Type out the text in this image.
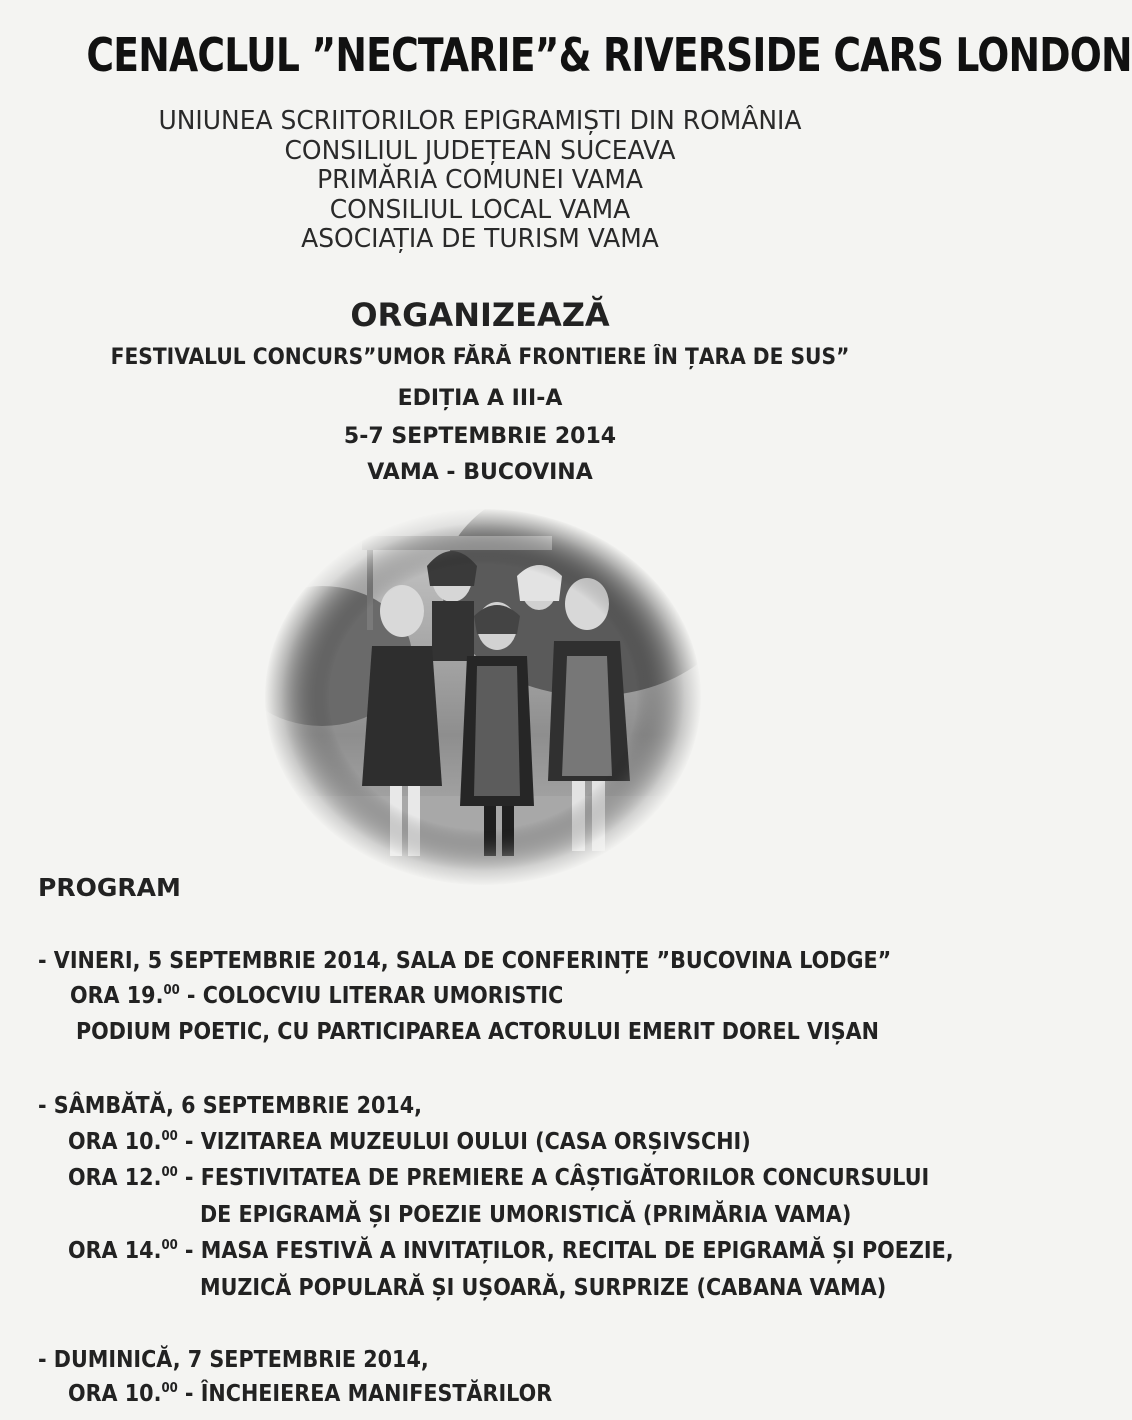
CENACLUL ”NECTARIE”& RIVERSIDE CARS LONDON
UNIUNEA SCRIITORILOR EPIGRAMIȘTI DIN ROMÂNIA
CONSILIUL JUDEȚEAN SUCEAVA
PRIMĂRIA COMUNEI VAMA
CONSILIUL LOCAL VAMA
ASOCIAȚIA DE TURISM VAMA
ORGANIZEAZĂ
FESTIVALUL CONCURS”UMOR FĂRĂ FRONTIERE ÎN ȚARA DE SUS”
EDIȚIA A III-A
5-7 SEPTEMBRIE 2014
VAMA - BUCOVINA
PROGRAM
- VINERI, 5 SEPTEMBRIE 2014, SALA DE CONFERINȚE ”BUCOVINA LODGE”
ORA 19.00 - COLOCVIU LITERAR UMORISTIC
PODIUM POETIC, CU PARTICIPAREA ACTORULUI EMERIT DOREL VIȘAN
- SÂMBĂTĂ, 6 SEPTEMBRIE 2014,
ORA 10.00 - VIZITAREA MUZEULUI OULUI (CASA ORȘIVSCHI)
ORA 12.00 - FESTIVITATEA DE PREMIERE A CÂȘTIGĂTORILOR CONCURSULUI
DE EPIGRAMĂ ȘI POEZIE UMORISTICĂ (PRIMĂRIA VAMA)
ORA 14.00 - MASA FESTIVĂ A INVITAȚILOR, RECITAL DE EPIGRAMĂ ȘI POEZIE,
MUZICĂ POPULARĂ ȘI UȘOARĂ, SURPRIZE (CABANA VAMA)
- DUMINICĂ, 7 SEPTEMBRIE 2014,
ORA 10.00 - ÎNCHEIEREA MANIFESTĂRILOR
